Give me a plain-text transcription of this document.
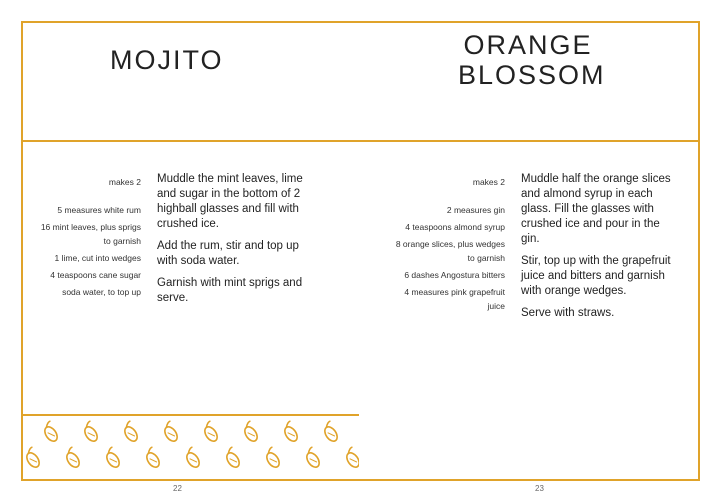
MOJITO
makes 2
5 measures white rum
16 mint leaves, plus sprigs to garnish
1 lime, cut into wedges
4 teaspoons cane sugar
soda water, to top up

Muddle the mint leaves, lime and sugar in the bottom of 2 highball glasses and fill with crushed ice.

Add the rum, stir and top up with soda water.

Garnish with mint sprigs and serve.

22
ORANGE
BLOSSOM
makes 2
2 measures gin
4 teaspoons almond syrup
8 orange slices, plus wedges to garnish
6 dashes Angostura bitters
4 measures pink grapefruit juice

Muddle half the orange slices and almond syrup in each glass. Fill the glasses with crushed ice and pour in the gin.

Stir, top up with the grapefruit juice and bitters and garnish with orange wedges.

Serve with straws.

23
